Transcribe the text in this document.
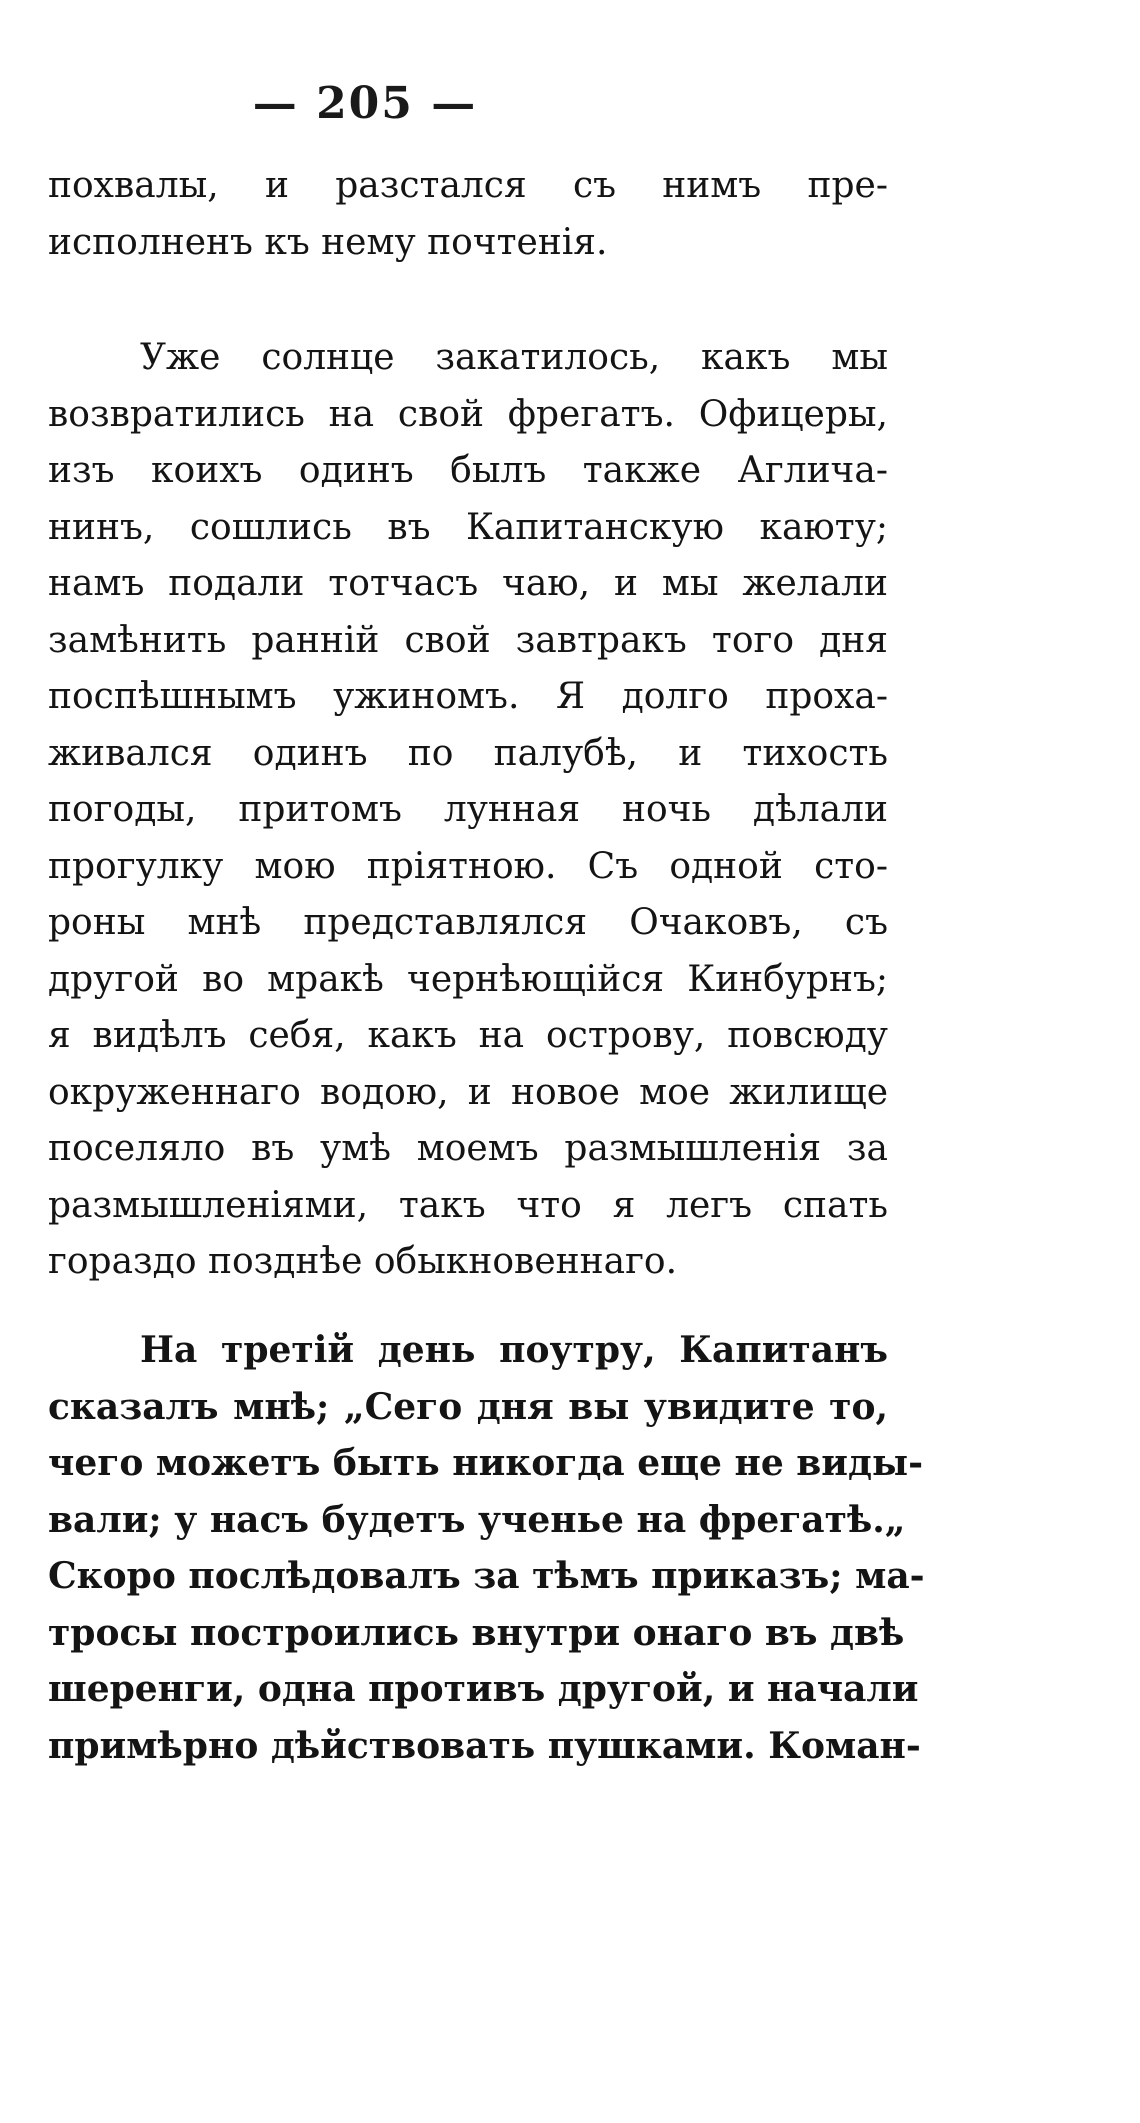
— 205 —
похвалы, и разстался съ нимъ пре-
исполненъ къ нему почтенія.
Уже солнце закатилось, какъ мы
возвратились на свой фрегатъ. Офицеры,
изъ коихъ одинъ былъ также Аглича-
нинъ, сошлись въ Капитанскую каюту;
намъ подали тотчасъ чаю, и мы желали
замѣнить ранній свой завтракъ того дня
поспѣшнымъ ужиномъ. Я долго проха-
живался одинъ по палубѣ, и тихость
погоды, притомъ лунная ночь дѣлали
прогулку мою пріятною. Съ одной сто-
роны мнѣ представлялся Очаковъ, съ
другой во мракѣ чернѣющійся Кинбурнъ;
я видѣлъ себя, какъ на острову, повсюду
окруженнаго водою, и новое мое жилище
поселяло въ умѣ моемъ размышленія за
размышленіями, такъ что я легъ спать
гораздо позднѣе обыкновеннаго.
На третій день поутру, Капитанъ
сказалъ мнѣ; „Сего дня вы увидите то,
чего можетъ быть никогда еще не виды-
вали; у насъ будетъ ученье на фрегатѣ.„
Скоро послѣдовалъ за тѣмъ приказъ; ма-
тросы построились внутри онаго въ двѣ
шеренги, одна противъ другой, и начали
примѣрно дѣйствовать пушками. Коман-
